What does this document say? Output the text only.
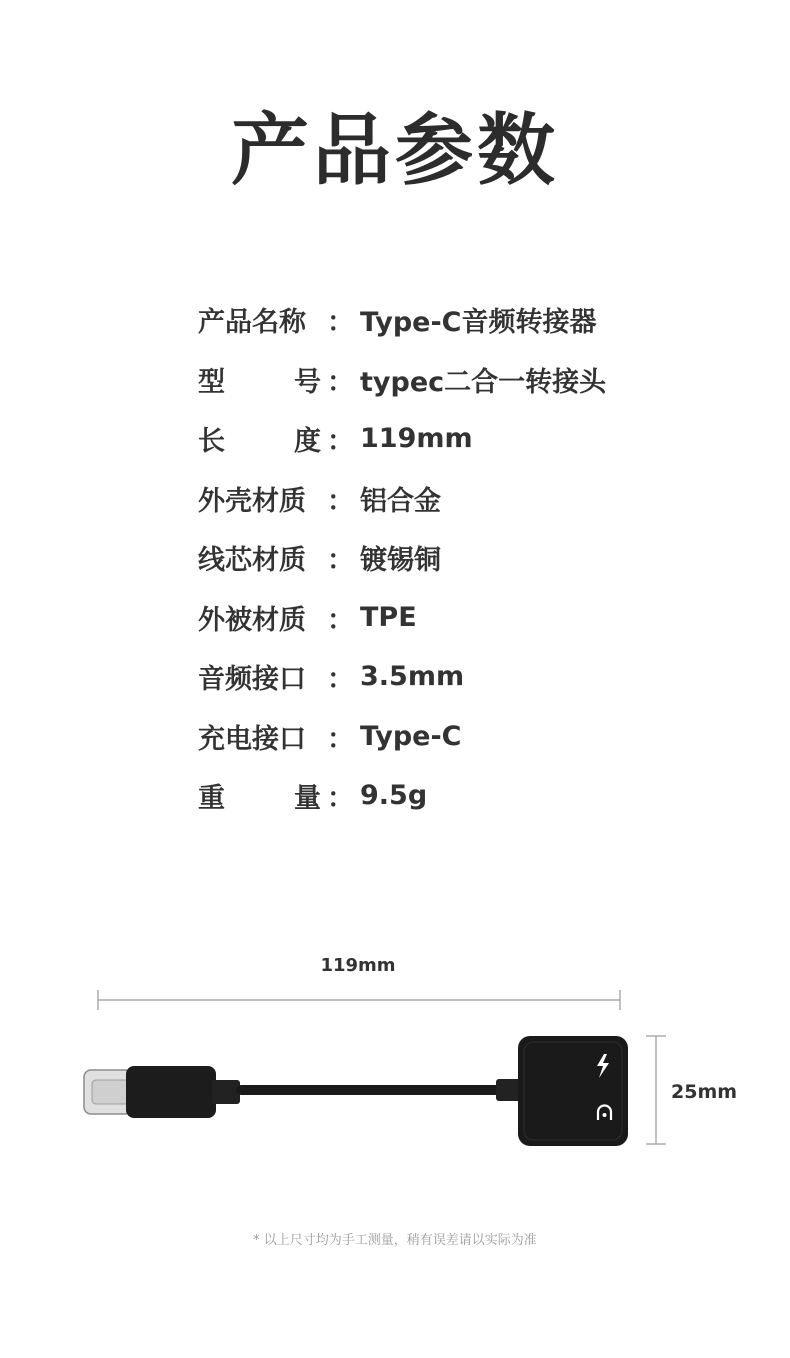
产品参数
产品名称 ： Type-C音频转接器
型	号 ： typec二合一转接头
长	度 ： 119mm
外壳材质 ： 铝合金
线芯材质 ： 镀锡铜
外被材质 ： TPE
音频接口 ： 3.5mm
充电接口 ： Type-C
重	量 ： 9.5g
119mm
25mm
* 以上尺寸均为手工测量，稍有误差请以实际为准
